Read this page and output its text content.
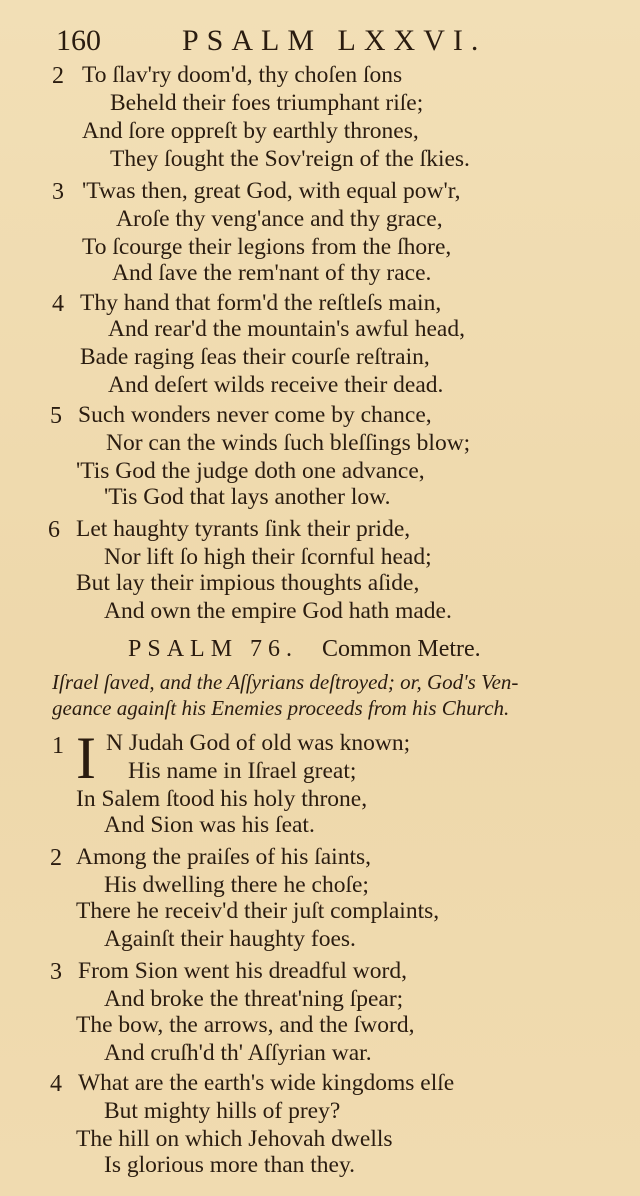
160	PSALM LXXVI.
2 To ſlav'ry doom'd, thy choſen ſons
Beheld their foes triumphant riſe;
And ſore oppreſt by earthly thrones,
They ſought the Sov'reign of the ſkies.
3 'Twas then, great God, with equal pow'r,
Aroſe thy veng'ance and thy grace,
To ſcourge their legions from the ſhore,
And ſave the rem'nant of thy race.
4 Thy hand that form'd the reſtleſs main,
And rear'd the mountain's awful head,
Bade raging ſeas their courſe reſtrain,
And deſert wilds receive their dead.
5 Such wonders never come by chance,
Nor can the winds ſuch bleſſings blow;
'Tis God the judge doth one advance,
'Tis God that lays another low.
6 Let haughty tyrants ſink their pride,
Nor lift ſo high their ſcornful head;
But lay their impious thoughts aſide,
And own the empire God hath made.
PSALM 76. Common Metre.
Iſrael ſaved, and the Aſſyrians deſtroyed; or, God's Ven-
geance againſt his Enemies proceeds from his Church.
1 I N Judah God of old was known;
His name in Iſrael great;
In Salem ſtood his holy throne,
And Sion was his ſeat.
2 Among the praiſes of his ſaints,
His dwelling there he choſe;
There he receiv'd their juſt complaints,
Againſt their haughty foes.
3 From Sion went his dreadful word,
And broke the threat'ning ſpear;
The bow, the arrows, and the ſword,
And cruſh'd th' Aſſyrian war.
4 What are the earth's wide kingdoms elſe
But mighty hills of prey?
The hill on which Jehovah dwells
Is glorious more than they.
